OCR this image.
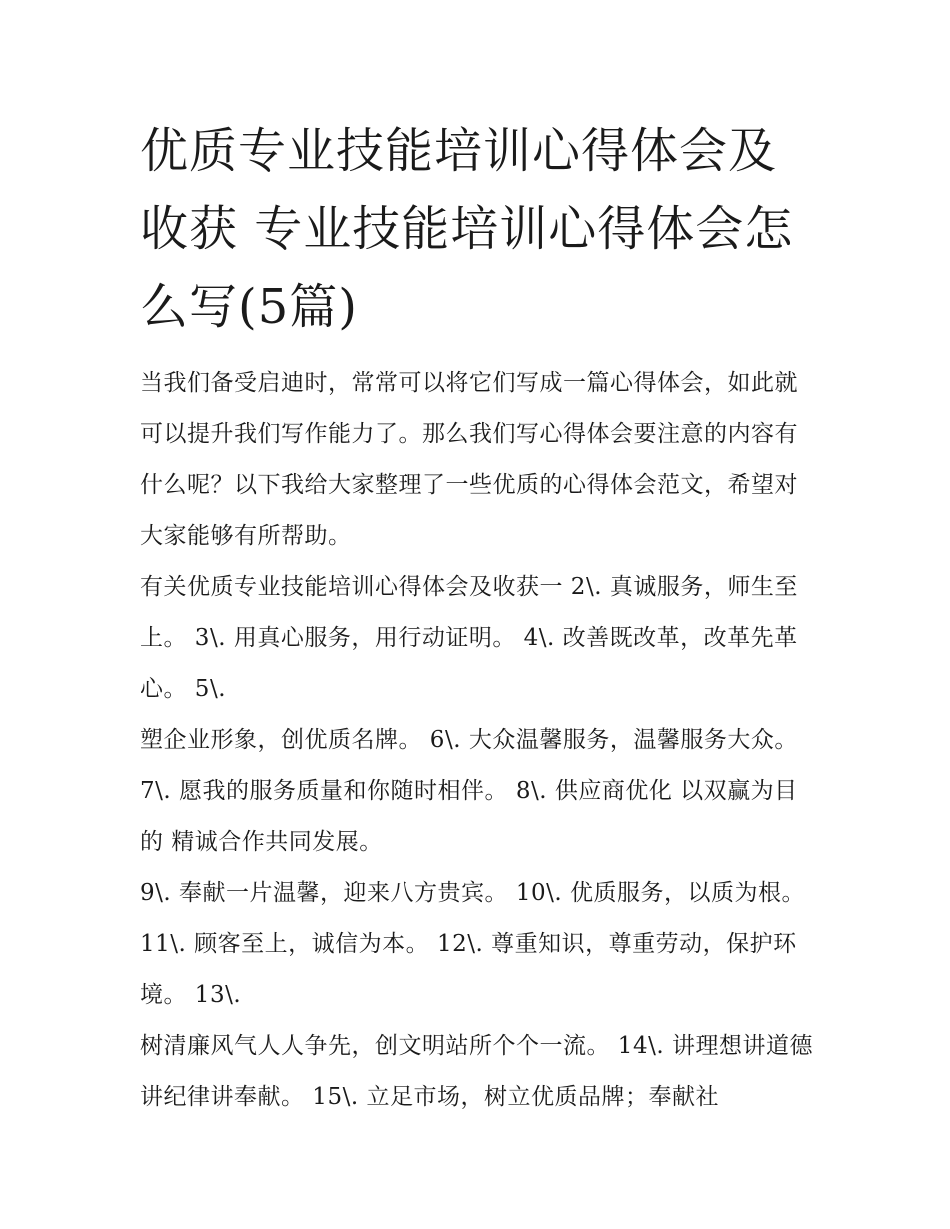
优质专业技能培训心得体会及收获 专业技能培训心得体会怎么写(5篇)

当我们备受启迪时，常常可以将它们写成一篇心得体会，如此就可以提升我们写作能力了。那么我们写心得体会要注意的内容有什么呢？以下我给大家整理了一些优质的心得体会范文，希望对大家能够有所帮助。

有关优质专业技能培训心得体会及收获一 2\. 真诚服务，师生至上。 3\. 用真心服务，用行动证明。 4\. 改善既改革，改革先革心。 5\.

塑企业形象，创优质名牌。 6\. 大众温馨服务，温馨服务大众。 7\. 愿我的服务质量和你随时相伴。 8\. 供应商优化 以双赢为目的 精诚合作共同发展。

9\. 奉献一片温馨，迎来八方贵宾。 10\. 优质服务，以质为根。 11\. 顾客至上，诚信为本。 12\. 尊重知识，尊重劳动，保护环境。 13\.

树清廉风气人人争先，创文明站所个个一流。 14\. 讲理想讲道德讲纪律讲奉献。 15\. 立足市场，树立优质品牌；奉献社
